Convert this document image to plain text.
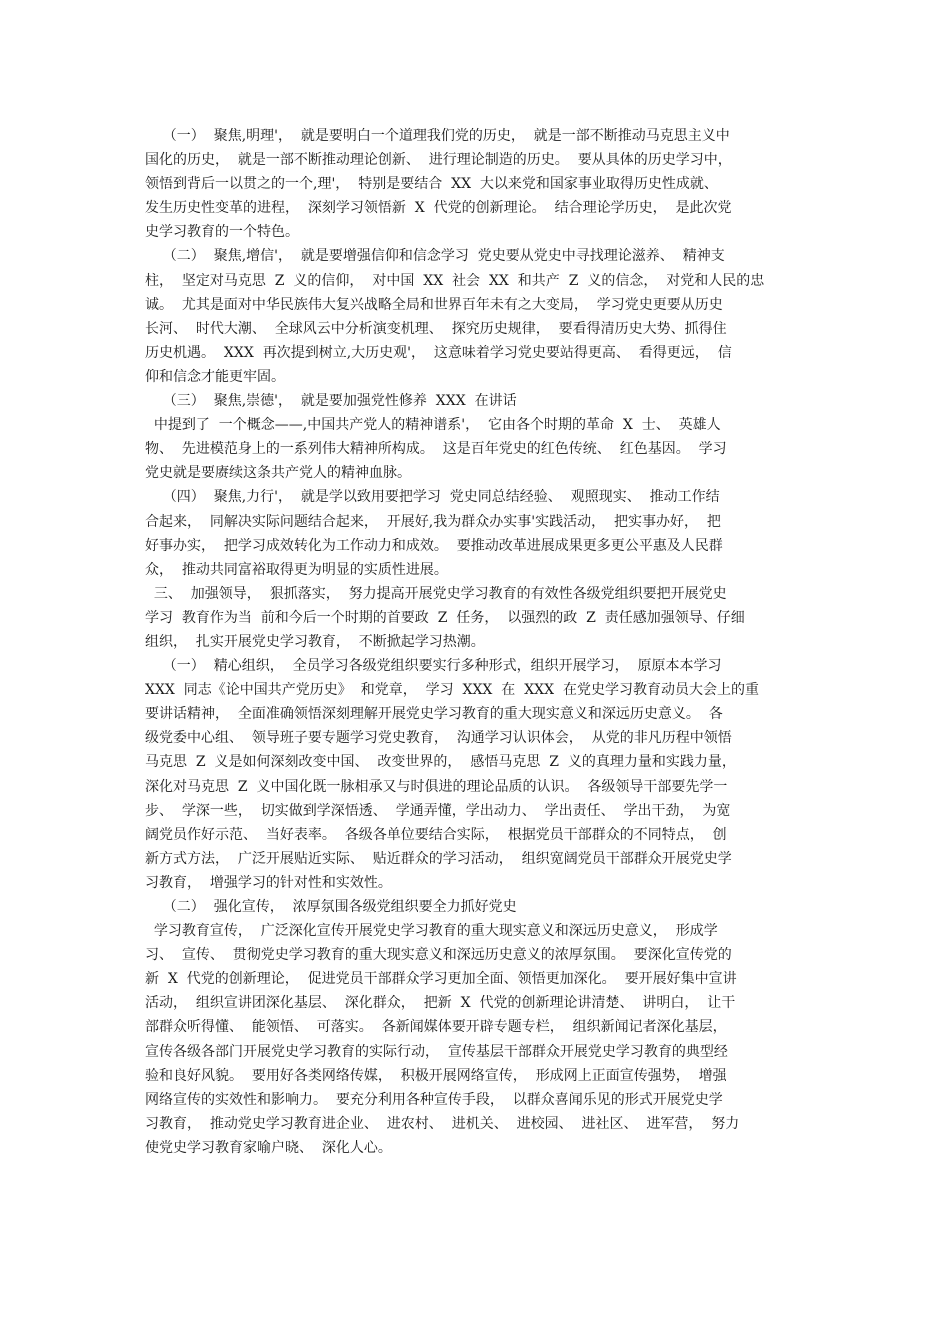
（一）  聚焦,明理'，  就是要明白一个道理我们党的历史，  就是一部不断推动马克思主义中
国化的历史，  就是一部不断推动理论创新、  进行理论制造的历史。  要从具体的历史学习中，
领悟到背后一以贯之的一个,理'，  特别是要结合  XX  大以来党和国家事业取得历史性成就、
发生历史性变革的进程，  深刻学习领悟新  X  代党的创新理论。  结合理论学历史，  是此次党
史学习教育的一个特色。
（二）  聚焦,增信'，  就是要增强信仰和信念学习  党史要从党史中寻找理论滋养、  精神支
柱，  坚定对马克思  Z  义的信仰，  对中国  XX  社会  XX  和共产  Z  义的信念，  对党和人民的忠
诚。  尤其是面对中华民族伟大复兴战略全局和世界百年未有之大变局，  学习党史更要从历史
长河、  时代大潮、  全球风云中分析演变机理、  探究历史规律，  要看得清历史大势、抓得住
历史机遇。  XXX  再次提到树立,大历史观'，  这意味着学习党史要站得更高、  看得更远，  信
仰和信念才能更牢固。
（三）  聚焦,崇德'，  就是要加强党性修养  XXX  在讲话
中提到了  一个概念——,中国共产党人的精神谱系'，  它由各个时期的革命  X  士、  英雄人
物、  先进模范身上的一系列伟大精神所构成。  这是百年党史的红色传统、  红色基因。  学习
党史就是要赓续这条共产党人的精神血脉。
（四）  聚焦,力行'，  就是学以致用要把学习  党史同总结经验、  观照现实、  推动工作结
合起来，  同解决实际问题结合起来，  开展好,我为群众办实事'实践活动，  把实事办好，  把
好事办实，  把学习成效转化为工作动力和成效。  要推动改革进展成果更多更公平惠及人民群
众，  推动共同富裕取得更为明显的实质性进展。
三、  加强领导，  狠抓落实，  努力提高开展党史学习教育的有效性各级党组织要把开展党史
学习  教育作为当  前和今后一个时期的首要政  Z  任务，  以强烈的政  Z  责任感加强领导、仔细
组织，  扎实开展党史学习教育，  不断掀起学习热潮。
（一）  精心组织，  全员学习各级党组织要实行多种形式，组织开展学习，  原原本本学习
XXX  同志《论中国共产党历史》  和党章，  学习  XXX  在  XXX  在党史学习教育动员大会上的重
要讲话精神，  全面准确领悟深刻理解开展党史学习教育的重大现实意义和深远历史意义。  各
级党委中心组、  领导班子要专题学习党史教育，  沟通学习认识体会，  从党的非凡历程中领悟
马克思  Z  义是如何深刻改变中国、  改变世界的，  感悟马克思  Z  义的真理力量和实践力量，
深化对马克思  Z  义中国化既一脉相承又与时俱进的理论品质的认识。  各级领导干部要先学一
步、  学深一些，  切实做到学深悟透、  学通弄懂，学出动力、  学出责任、  学出干劲，  为宽
阔党员作好示范、  当好表率。  各级各单位要结合实际，  根据党员干部群众的不同特点，  创
新方式方法，  广泛开展贴近实际、  贴近群众的学习活动，  组织宽阔党员干部群众开展党史学
习教育，  增强学习的针对性和实效性。
（二）  强化宣传，  浓厚氛围各级党组织要全力抓好党史
学习教育宣传，  广泛深化宣传开展党史学习教育的重大现实意义和深远历史意义，  形成学
习、  宣传、  贯彻党史学习教育的重大现实意义和深远历史意义的浓厚氛围。  要深化宣传党的
新  X  代党的创新理论，  促进党员干部群众学习更加全面、领悟更加深化。  要开展好集中宣讲
活动，  组织宣讲团深化基层、  深化群众，  把新  X  代党的创新理论讲清楚、  讲明白，  让干
部群众听得懂、  能领悟、  可落实。  各新闻媒体要开辟专题专栏，  组织新闻记者深化基层，
宣传各级各部门开展党史学习教育的实际行动，  宣传基层干部群众开展党史学习教育的典型经
验和良好风貌。  要用好各类网络传媒，  积极开展网络宣传，  形成网上正面宣传强势，  增强
网络宣传的实效性和影响力。  要充分利用各种宣传手段，  以群众喜闻乐见的形式开展党史学
习教育，  推动党史学习教育进企业、  进农村、  进机关、  进校园、  进社区、  进军营，  努力
使党史学习教育家喻户晓、  深化人心。
